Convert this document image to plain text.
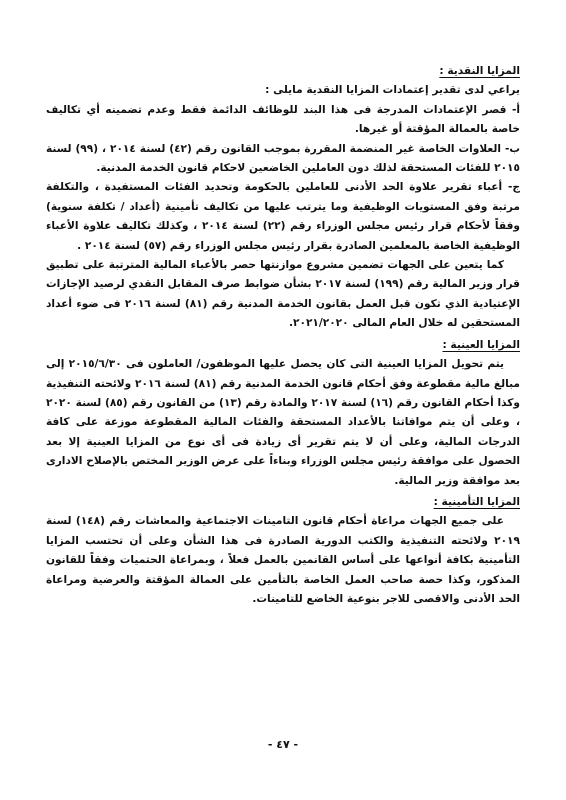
المزايا النقدية :

يراعي لدى تقدير إعتمادات المزايا النقدية مايلى :

أ- قصر الإعتمادات المدرجة فى هذا البند للوظائف الدائمة فقط وعدم تضمينه أي تكاليف خاصة بالعمالة المؤقتة أو غيرها.

ب- العلاوات الخاصة غير المنضمة المقررة بموجب القانون رقم (٤٢) لسنة ٢٠١٤ ، (٩٩) لسنة ٢٠١٥ للفئات المستحقة لذلك دون العاملين الخاضعين لاحكام قانون الخدمة المدنية.

ج- أعباء تقرير علاوة الحد الأدنى للعاملين بالحكومة وتحديد الفئات المستفيدة ، والتكلفة مرتبة وفق المستويات الوظيفية وما يترتب عليها من تكاليف تأمينية (أعداد / تكلفة سنوية) وفقاً لأحكام قرار رئيس مجلس الوزراء رقم (٢٢) لسنة ٢٠١٤ ، وكذلك تكاليف علاوة الأعباء الوظيفية الخاصة بالمعلمين الصادرة بقرار رئيس مجلس الوزراء رقم (٥٧) لسنة ٢٠١٤ .

كما يتعين على الجهات تضمين مشروع موازنتها حصر بالأعباء المالية المترتبة على تطبيق قرار وزير المالية رقم (١٩٩) لسنة ٢٠١٧ بشأن ضوابط صرف المقابل النقدي لرصيد الإجازات الإعتيادية الذي تكون قبل العمل بقانون الخدمة المدنية رقم (٨١) لسنة ٢٠١٦ فى ضوء أعداد المستحقين له خلال العام المالى ٢٠٢١/٢٠٢٠.

المزايا العينية :

يتم تحويل المزايا العينية التى كان يحصل عليها الموظفون/ العاملون فى ٢٠١٥/٦/٣٠ إلى مبالغ مالية مقطوعة وفق أحكام قانون الخدمة المدنية رقم (٨١) لسنة ٢٠١٦ ولائحته التنفيذية وكذا أحكام القانون رقم (١٦) لسنة ٢٠١٧ والمادة رقم (١٣) من القانون رقم (٨٥) لسنة ٢٠٢٠ ، وعلى أن يتم موافاتنا بالأعداد المستحقة والفئات المالية المقطوعة موزعة على كافة الدرجات المالية، وعلى أن لا يتم تقرير أى زيادة فى أى نوع من المزايا العينية إلا بعد الحصول على موافقة رئيس مجلس الوزراء وبناءاً على عرض الوزير المختص بالإصلاح الادارى بعد موافقة وزير المالية.

المزايا التأمينية :

على جميع الجهات مراعاة أحكام قانون التامينات الاجتماعية والمعاشات رقم (١٤٨) لسنة ٢٠١٩ ولائحته التنفيذية والكتب الدورية الصادرة فى هذا الشأن وعلى أن تحتسب المزايا التأمينية بكافة أنواعها على أساس القانمين بالعمل فعلاً ، وبمراعاة الحتميات وفقاً للقانون المذكور، وكذا حصة صاحب العمل الخاصة بالتأمين على العمالة المؤقتة والعرضية ومراعاة الحد الأدنى والاقصى للاجر بنوعية الخاضع للتامينات.

- ٤٧ -
